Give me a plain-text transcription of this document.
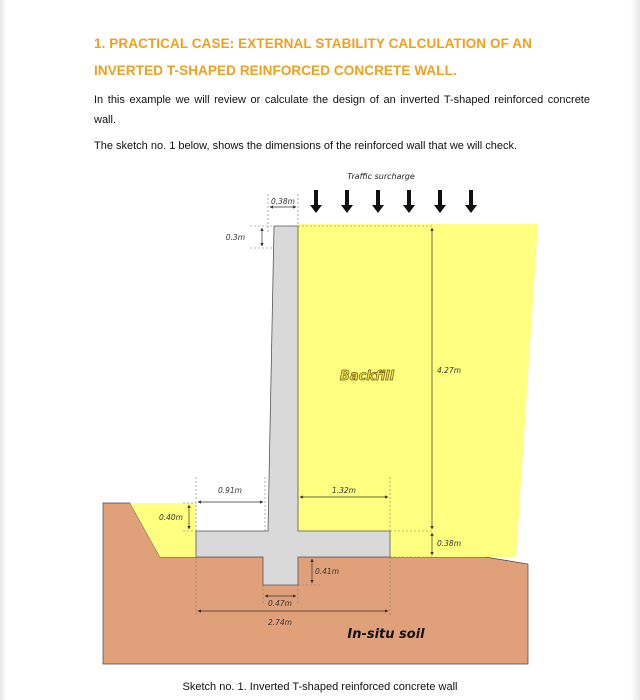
1. PRACTICAL CASE: EXTERNAL STABILITY CALCULATION OF AN
INVERTED T-SHAPED REINFORCED CONCRETE WALL.
In this example we will review or calculate the design of an inverted T-shaped reinforced concrete wall.
The sketch no. 1 below, shows the dimensions of the reinforced wall that we will check.
Traffic surcharge
0.38m
0.3m
4.27m
0.91m	1.32m
0.40m
0.38m
0.41m
0.47m
2.74m
Backfill
In-situ soil
Sketch no. 1. Inverted T-shaped reinforced concrete wall
